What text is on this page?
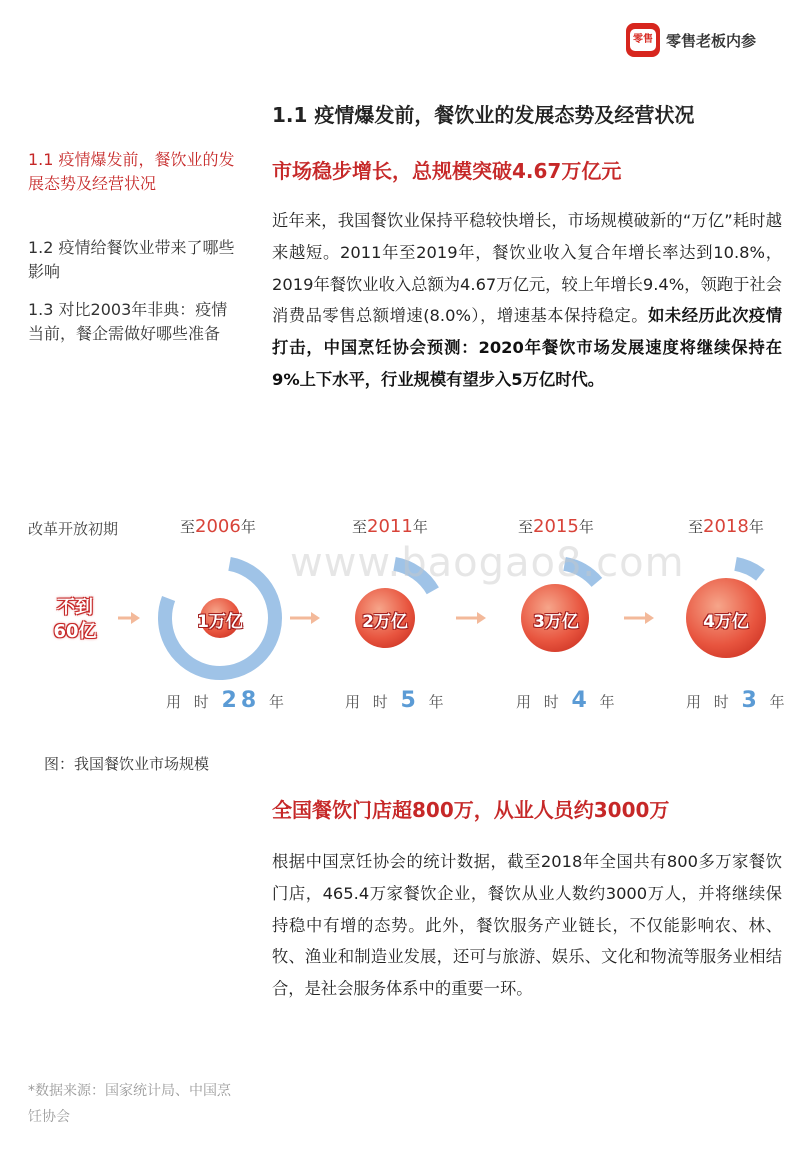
零售 零售老板内参
1.1 疫情爆发前，餐饮业的发展态势及经营状况
1.2 疫情给餐饮业带来了哪些影响
1.3 对比2003年非典：疫情当前，餐企需做好哪些准备
1.1 疫情爆发前，餐饮业的发展态势及经营状况
市场稳步增长，总规模突破4.67万亿元
近年来，我国餐饮业保持平稳较快增长，市场规模破新的“万亿”耗时越来越短。2011年至2019年，餐饮业收入复合年增长率达到10.8%，2019年餐饮业收入总额为4.67万亿元，较上年增长9.4%，领跑于社会消费品零售总额增速(8.0%），增速基本保持稳定。如未经历此次疫情打击，中国烹饪协会预测：2020年餐饮市场发展速度将继续保持在9%上下水平，行业规模有望步入5万亿时代。
改革开放初期
不到
60亿
至2006年	至2011年	至2015年	至2018年
1万亿	2万亿	3万亿	4万亿
用 时 28 年	用 时 5 年	用 时 4 年	用 时 3 年
www.baogao8.com
图：我国餐饮业市场规模
全国餐饮门店超800万，从业人员约3000万
根据中国烹饪协会的统计数据，截至2018年全国共有800多万家餐饮门店，465.4万家餐饮企业，餐饮从业人数约3000万人，并将继续保持稳中有增的态势。此外，餐饮服务产业链长，不仅能影响农、林、牧、渔业和制造业发展，还可与旅游、娱乐、文化和物流等服务业相结合，是社会服务体系中的重要一环。
*数据来源：国家统计局、中国烹饪协会
